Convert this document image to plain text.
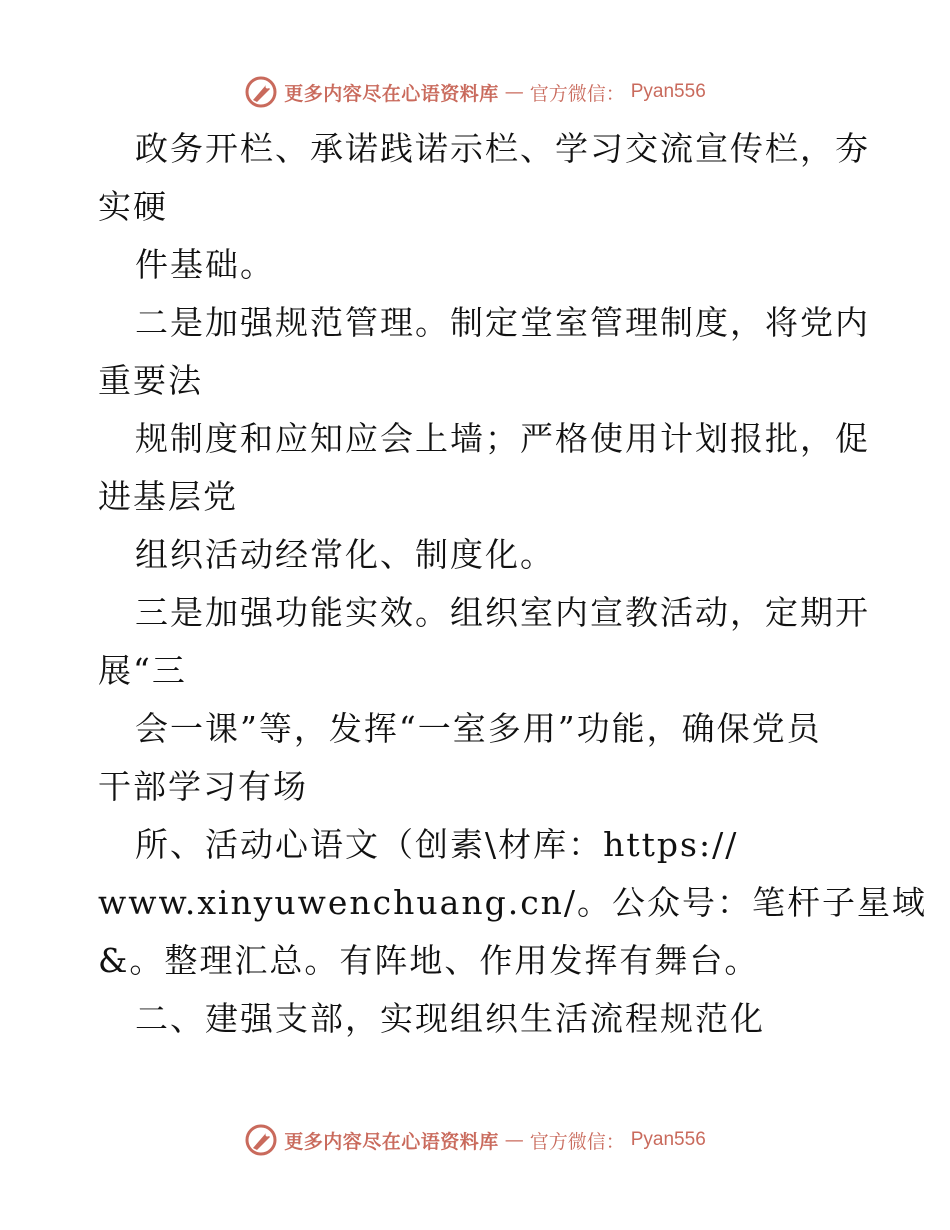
更多内容尽在心语资料库 — 官方微信： Pyan556
政务开栏、承诺践诺示栏、学习交流宣传栏，夯
实硬
件基础。
二是加强规范管理。制定堂室管理制度，将党内
重要法
规制度和应知应会上墙；严格使用计划报批，促
进基层党
组织活动经常化、制度化。
三是加强功能实效。组织室内宣教活动，定期开
展“三
会一课”等，发挥“一室多用”功能，确保党员
干部学习有场
所、活动心语文（创素\材库：https://
www.xinyuwenchuang.cn/。公众号：笔杆子星域
&。整理汇总。有阵地、作用发挥有舞台。
二、建强支部，实现组织生活流程规范化
更多内容尽在心语资料库 — 官方微信： Pyan556
